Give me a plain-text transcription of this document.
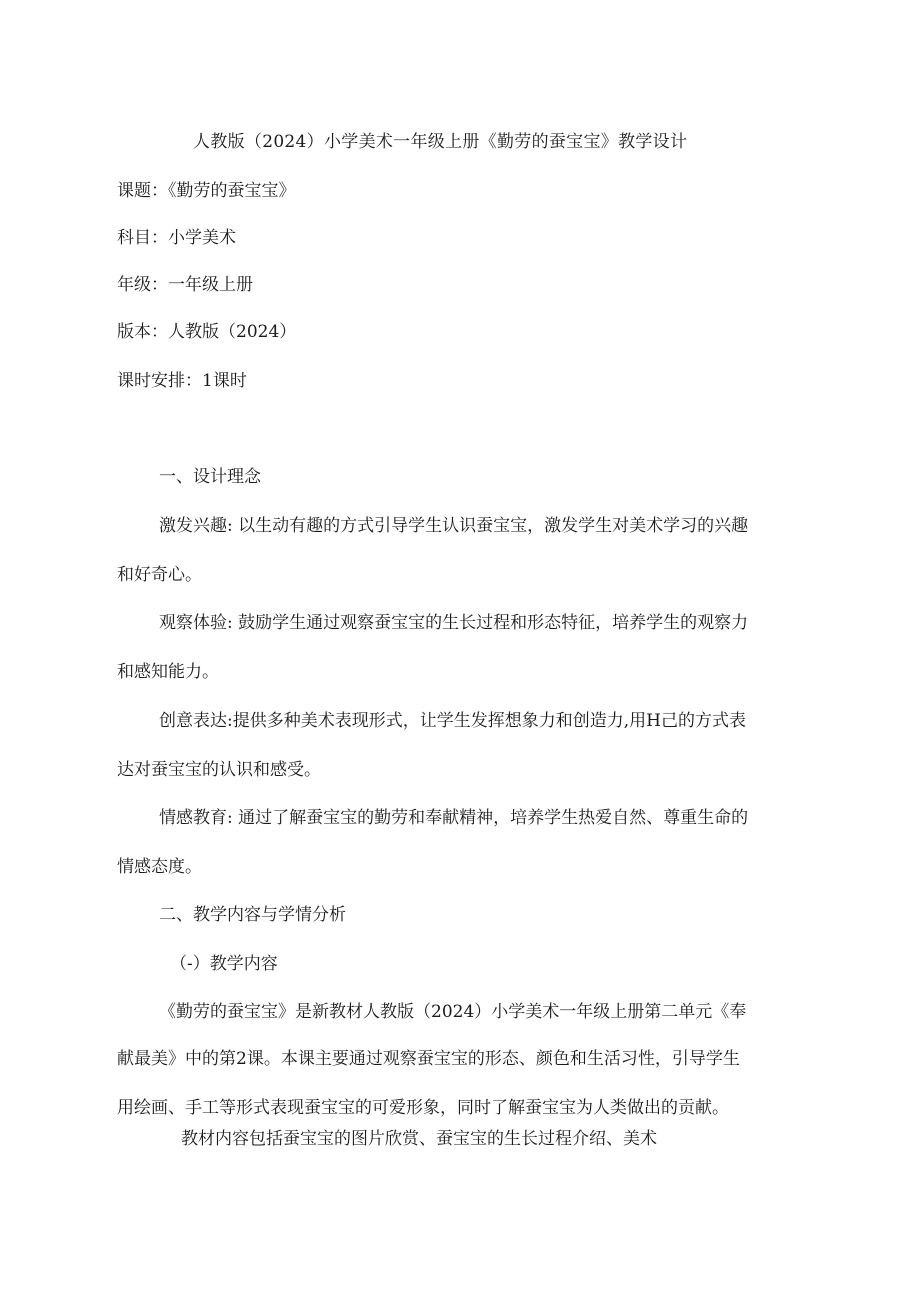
人教版（2024）小学美术一年级上册《勤劳的蚕宝宝》教学设计
课题：《勤劳的蚕宝宝》
科目：小学美术
年级：一年级上册
版本：人教版（2024）
课时安排：1课时
一、设计理念
激发兴趣: 以生动有趣的方式引导学生认识蚕宝宝，激发学生对美术学习的兴趣
和好奇心。
观察体验: 鼓励学生通过观察蚕宝宝的生长过程和形态特征，培养学生的观察力
和感知能力。
创意表达:提供多种美术表现形式，让学生发挥想象力和创造力,用H己的方式表
达对蚕宝宝的认识和感受。
情感教育: 通过了解蚕宝宝的勤劳和奉献精神，培养学生热爱自然、尊重生命的
情感态度。
二、教学内容与学情分析
（-）教学内容
《勤劳的蚕宝宝》是新教材人教版（2024）小学美术一年级上册第二单元《奉
献最美》中的第2课。本课主要通过观察蚕宝宝的形态、颜色和生活习性，引导学生
用绘画、手工等形式表现蚕宝宝的可爱形象，同时了解蚕宝宝为人类做出的贡献。
教材内容包括蚕宝宝的图片欣赏、蚕宝宝的生长过程介绍、美术
